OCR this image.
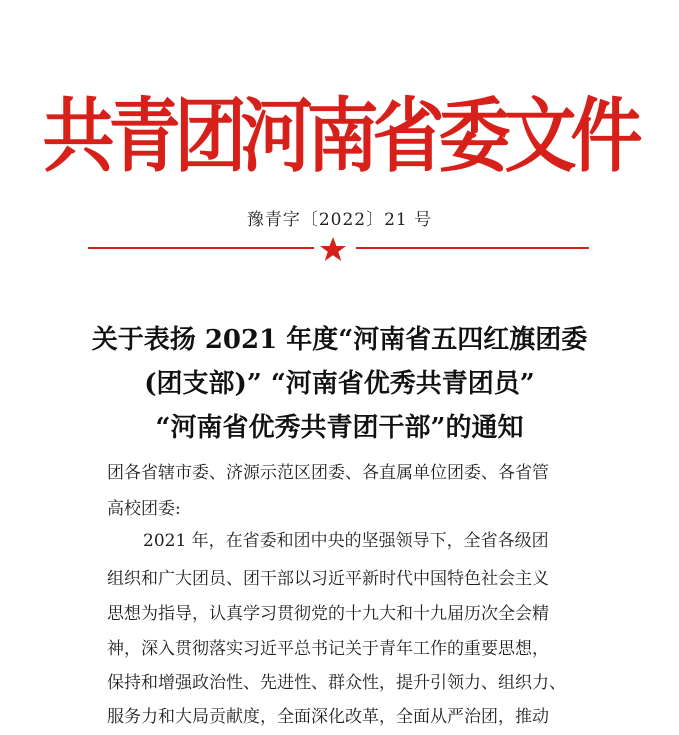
共青团河南省委文件
豫青字〔2022〕21 号
关于表扬 2021 年度“河南省五四红旗团委
(团支部)” “河南省优秀共青团员”
“河南省优秀共青团干部”的通知
团各省辖市委、济源示范区团委、各直属单位团委、各省管
高校团委:
2021 年，在省委和团中央的坚强领导下，全省各级团
组织和广大团员、团干部以习近平新时代中国特色社会主义
思想为指导，认真学习贯彻党的十九大和十九届历次全会精
神，深入贯彻落实习近平总书记关于青年工作的重要思想，
保持和增强政治性、先进性、群众性，提升引领力、组织力、
服务力和大局贡献度，全面深化改革，全面从严治团，推动
